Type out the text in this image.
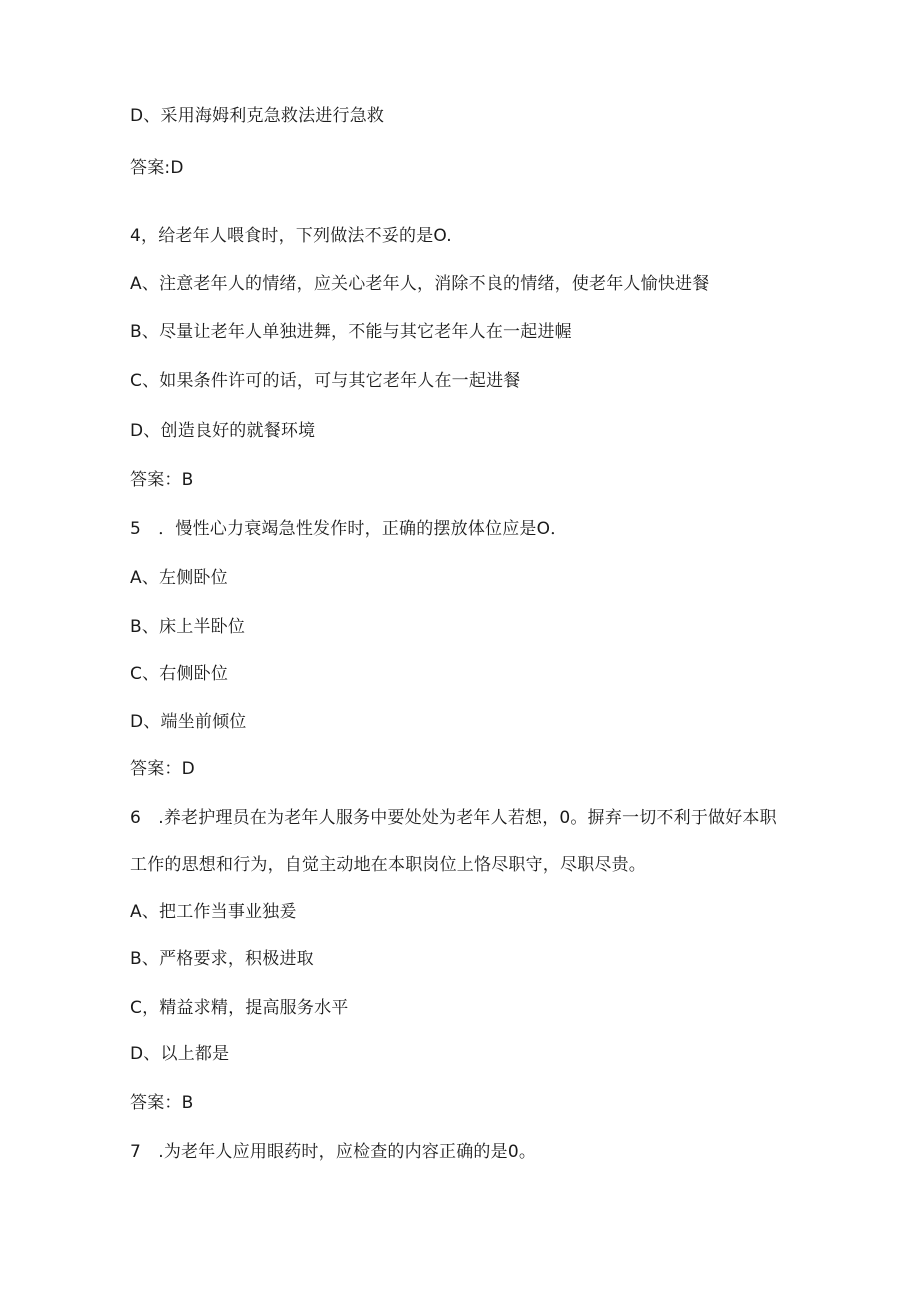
D、采用海姆利克急救法进行急救
答案:D
4，给老年人喂食时，下列做法不妥的是O.
A、注意老年人的情绪，应关心老年人，消除不良的情绪，使老年人愉快进餐
B、尽量让老年人单独进舞，不能与其它老年人在一起进幄
C、如果条件许可的话，可与其它老年人在一起进餐
D、创造良好的就餐环境
答案：B
5　．慢性心力衰竭急性发作时，正确的摆放体位应是O．
A、左侧卧位
B、床上半卧位
C、右侧卧位
D、端坐前倾位
答案：D
6　.养老护理员在为老年人服务中要处处为老年人若想，0。摒弃一切不利于做好本职
工作的思想和行为，自觉主动地在本职岗位上恪尽职守，尽职尽贵。
A、把工作当事业独爰
B、严格要求，积极进取
C，精益求精，提高服务水平
D、以上都是
答案：B
7　.为老年人应用眼药时，应检查的内容正确的是0。
